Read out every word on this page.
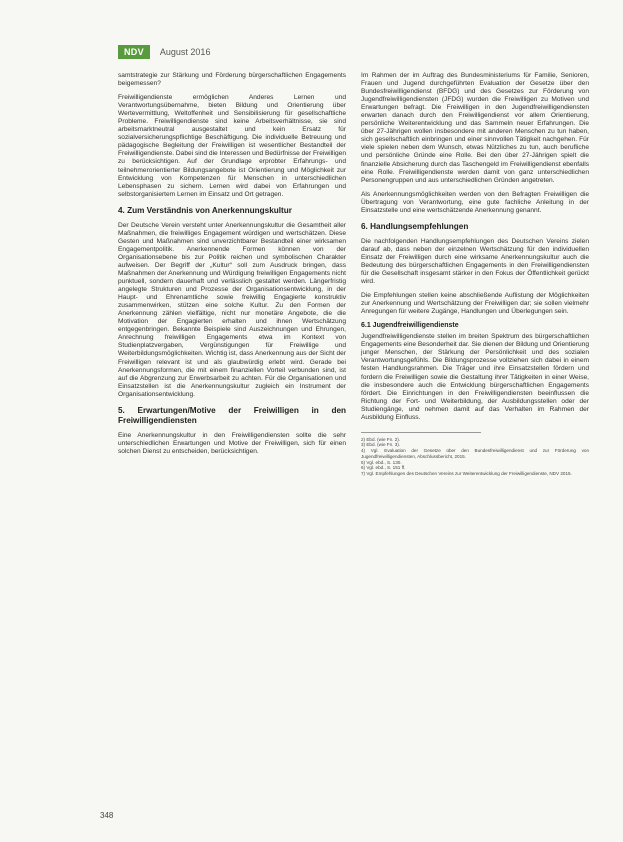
NDV	August 2016

samtstrategie zur Stärkung und Förderung bürgerschaftlichen Engagements beigemessen?

Freiwilligendienste ermöglichen Anderes Lernen und Verantwortungsübernahme, bieten Bildung und Orientierung über Wertevermittlung, Weltoffenheit und Sensibilisierung für gesellschaftliche Probleme. Freiwilligendienste sind keine Arbeitsverhältnisse, sie sind arbeitsmarktneutral ausgestaltet und kein Ersatz für sozialversicherungspflichtige Beschäftigung. Die individuelle Betreuung und pädagogische Begleitung der Freiwilligen ist wesentlicher Bestandteil der Freiwilligendienste. Dabei sind die Interessen und Bedürfnisse der Freiwilligen zu berücksichtigen. Auf der Grundlage erprobter Erfahrungs- und teilnehmerorientierter Bildungsangebote ist Orientierung und Möglichkeit zur Entwicklung von Kompetenzen für Menschen in unterschiedlichen Lebensphasen zu sichern. Lernen wird dabei von Erfahrungen und selbstorganisiertem Lernen im Einsatz und Ort getragen.

4. Zum Verständnis von Anerkennungskultur

Der Deutsche Verein versteht unter Anerkennungskultur die Gesamtheit aller Maßnahmen, die freiwilliges Engagement würdigen und wertschätzen. Diese Gesten und Maßnahmen sind unverzichtbarer Bestandteil einer wirksamen Engagementpolitik. Anerkennende Formen können von der Organisationsebene bis zur Politik reichen und symbolischen Charakter aufweisen. Der Begriff der „Kultur“ soll zum Ausdruck bringen, dass Maßnahmen der Anerkennung und Würdigung freiwilligen Engagements nicht punktuell, sondern dauerhaft und verlässlich gestaltet werden. Längerfristig angelegte Strukturen und Prozesse der Organisationsentwicklung, in der Haupt- und Ehrenamtliche sowie freiwillig Engagierte konstruktiv zusammenwirken, stützen eine solche Kultur. Zu den Formen der Anerkennung zählen vielfältige, nicht nur monetäre Angebote, die die Motivation der Engagierten erhalten und ihnen Wertschätzung entgegenbringen. Bekannte Beispiele sind Auszeichnungen und Ehrungen, Anrechnung freiwilligen Engagements etwa im Kontext von Studienplatzvergaben, Vergünstigungen für Freiwillige und Weiterbildungsmöglichkeiten. Wichtig ist, dass Anerkennung aus der Sicht der Freiwilligen relevant ist und als glaubwürdig erlebt wird. Gerade bei Anerkennungsformen, die mit einem finanziellen Vorteil verbunden sind, ist auf die Abgrenzung zur Erwerbsarbeit zu achten. Für die Organisationen und Einsatzstellen ist die Anerkennungskultur zugleich ein Instrument der Organisationsentwicklung.

5. Erwartungen/Motive der Freiwilligen in den Freiwilligendiensten

Eine Anerkennungskultur in den Freiwilligendiensten sollte die sehr unterschiedlichen Erwartungen und Motive der Freiwilligen, sich für einen solchen Dienst zu entscheiden, berücksichtigen.

Im Rahmen der im Auftrag des Bundesministeriums für Familie, Senioren, Frauen und Jugend durchgeführten Evaluation der Gesetze über den Bundesfreiwilligendienst (BFDG) und des Gesetzes zur Förderung von Jugendfreiwilligendiensten (JFDG) wurden die Freiwilligen zu Motiven und Erwartungen befragt. Die Freiwilligen in den Jugendfreiwilligendiensten erwarten danach durch den Freiwilligendienst vor allem Orientierung, persönliche Weiterentwicklung und das Sammeln neuer Erfahrungen. Die über 27-Jährigen wollen insbesondere mit anderen Menschen zu tun haben, sich gesellschaftlich einbringen und einer sinnvollen Tätigkeit nachgehen. Für viele spielen neben dem Wunsch, etwas Nützliches zu tun, auch berufliche und persönliche Gründe eine Rolle. Bei den über 27-Jährigen spielt die finanzielle Absicherung durch das Taschengeld im Freiwilligendienst ebenfalls eine Rolle. Freiwilligendienste werden damit von ganz unterschiedlichen Personengruppen und aus unterschiedlichen Gründen angetreten.

Als Anerkennungsmöglichkeiten werden von den Befragten Freiwilligen die Übertragung von Verantwortung, eine gute fachliche Anleitung in der Einsatzstelle und eine wertschätzende Anerkennung genannt.

6. Handlungsempfehlungen

Die nachfolgenden Handlungsempfehlungen des Deutschen Vereins zielen darauf ab, dass neben der einzelnen Wertschätzung für den individuellen Einsatz der Freiwilligen durch eine wirksame Anerkennungskultur auch die Bedeutung des bürgerschaftlichen Engagements in den Freiwilligendiensten für die Gesellschaft insgesamt stärker in den Fokus der Öffentlichkeit gerückt wird.

Die Empfehlungen stellen keine abschließende Auflistung der Möglichkeiten zur Anerkennung und Wertschätzung der Freiwilligen dar; sie sollen vielmehr Anregungen für weitere Zugänge, Handlungen und Überlegungen sein.

6.1 Jugendfreiwilligendienste

Jugendfreiwilligendienste stellen im breiten Spektrum des bürgerschaftlichen Engagements eine Besonderheit dar. Sie dienen der Bildung und Orientierung junger Menschen, der Stärkung der Persönlichkeit und des sozialen Verantwortungsgefühls. Die Bildungsprozesse vollziehen sich dabei in einem festen Handlungsrahmen. Die Träger und ihre Einsatzstellen fördern und fordern die Freiwilligen sowie die Gestaltung ihrer Tätigkeiten in einer Weise, die insbesondere auch die Entwicklung bürgerschaftlichen Engagements fördert. Die Einrichtungen in den Freiwilligendiensten beeinflussen die Richtung der Fort- und Weiterbildung, der Ausbildungsstellen oder der Studiengänge, und nehmen damit auf das Verhalten im Rahmen der Ausbildung Einfluss.

2) Ebd. (wie Fn. 2).
3) Ebd. (wie Fn. 3).
4) Vgl. Evaluation der Gesetze über den Bundesfreiwilligendienst und zur Förderung von Jugendfreiwilligendiensten, Abschlussbericht, 2015.
5) Vgl. ebd., S. 130.
6) Vgl. ebd., S. 151 ff.
7) Vgl. Empfehlungen des Deutschen Vereins zur Weiterentwicklung der Freiwilligendienste, NDV 2015.
348
